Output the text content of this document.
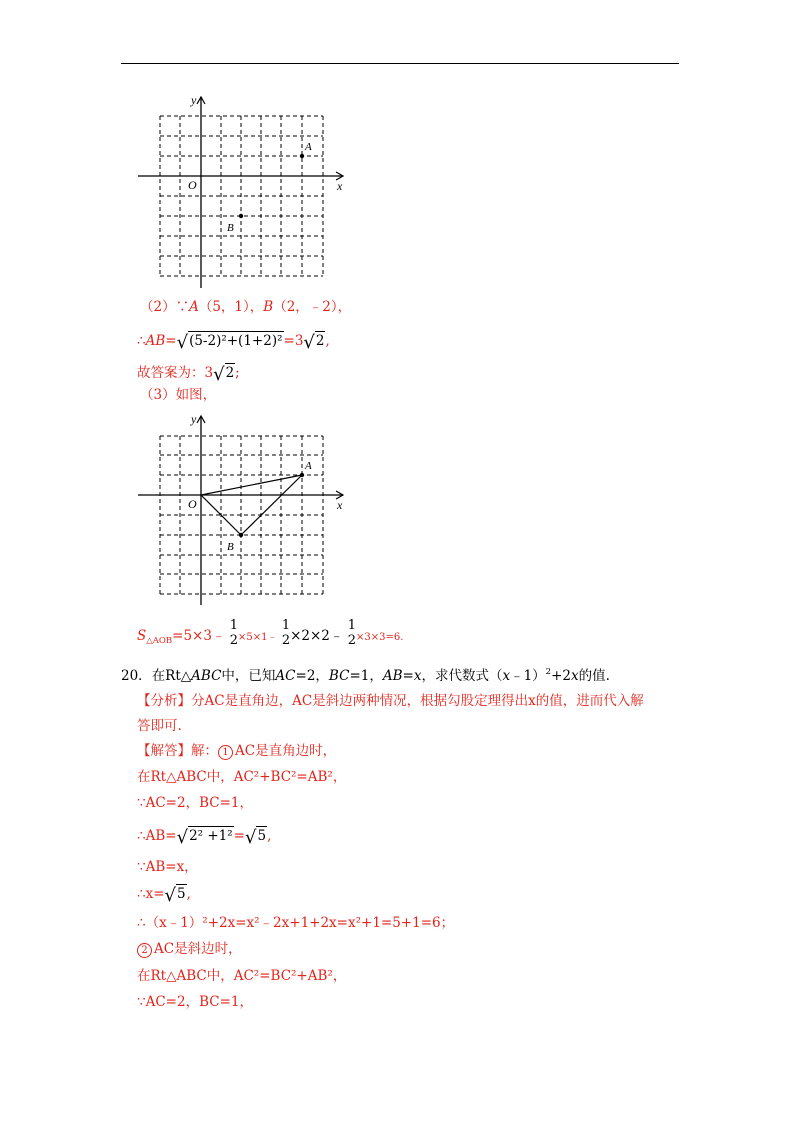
y
x
O
A
B
（2）∵A（5，1），B（2，﹣2），
∴AB=√(5-2)²+(1+2)²=3√2,
故答案为：3√2;
（3）如图，
y
x
O
A
B
$S_{\triangle AOB}=5\times 3﹣$
1
2 ×5×1﹣
1
2 ×2×2﹣
1
2 ×3×3=6.
20．在Rt△ABC中，已知AC=2，BC=1，AB=x，求代数式（x﹣1）$^2$+2x的值.
【分析】分AC是直角边，AC是斜边两种情况，根据勾股定理得出x的值，进而代入解
答即可.
【解答】解： 1 AC是直角边时，
在Rt△ABC中，AC²+BC²=AB²，
∵AC=2，BC=1，
∴AB=√2² +1²=√5,
∵AB=x，
∴x=√5,
∴（x﹣1）²+2x=x²﹣2x+1+2x=x²+1=5+1=6；
2 AC是斜边时，
在Rt△ABC中，AC²=BC²+AB²，
∵AC=2，BC=1，
